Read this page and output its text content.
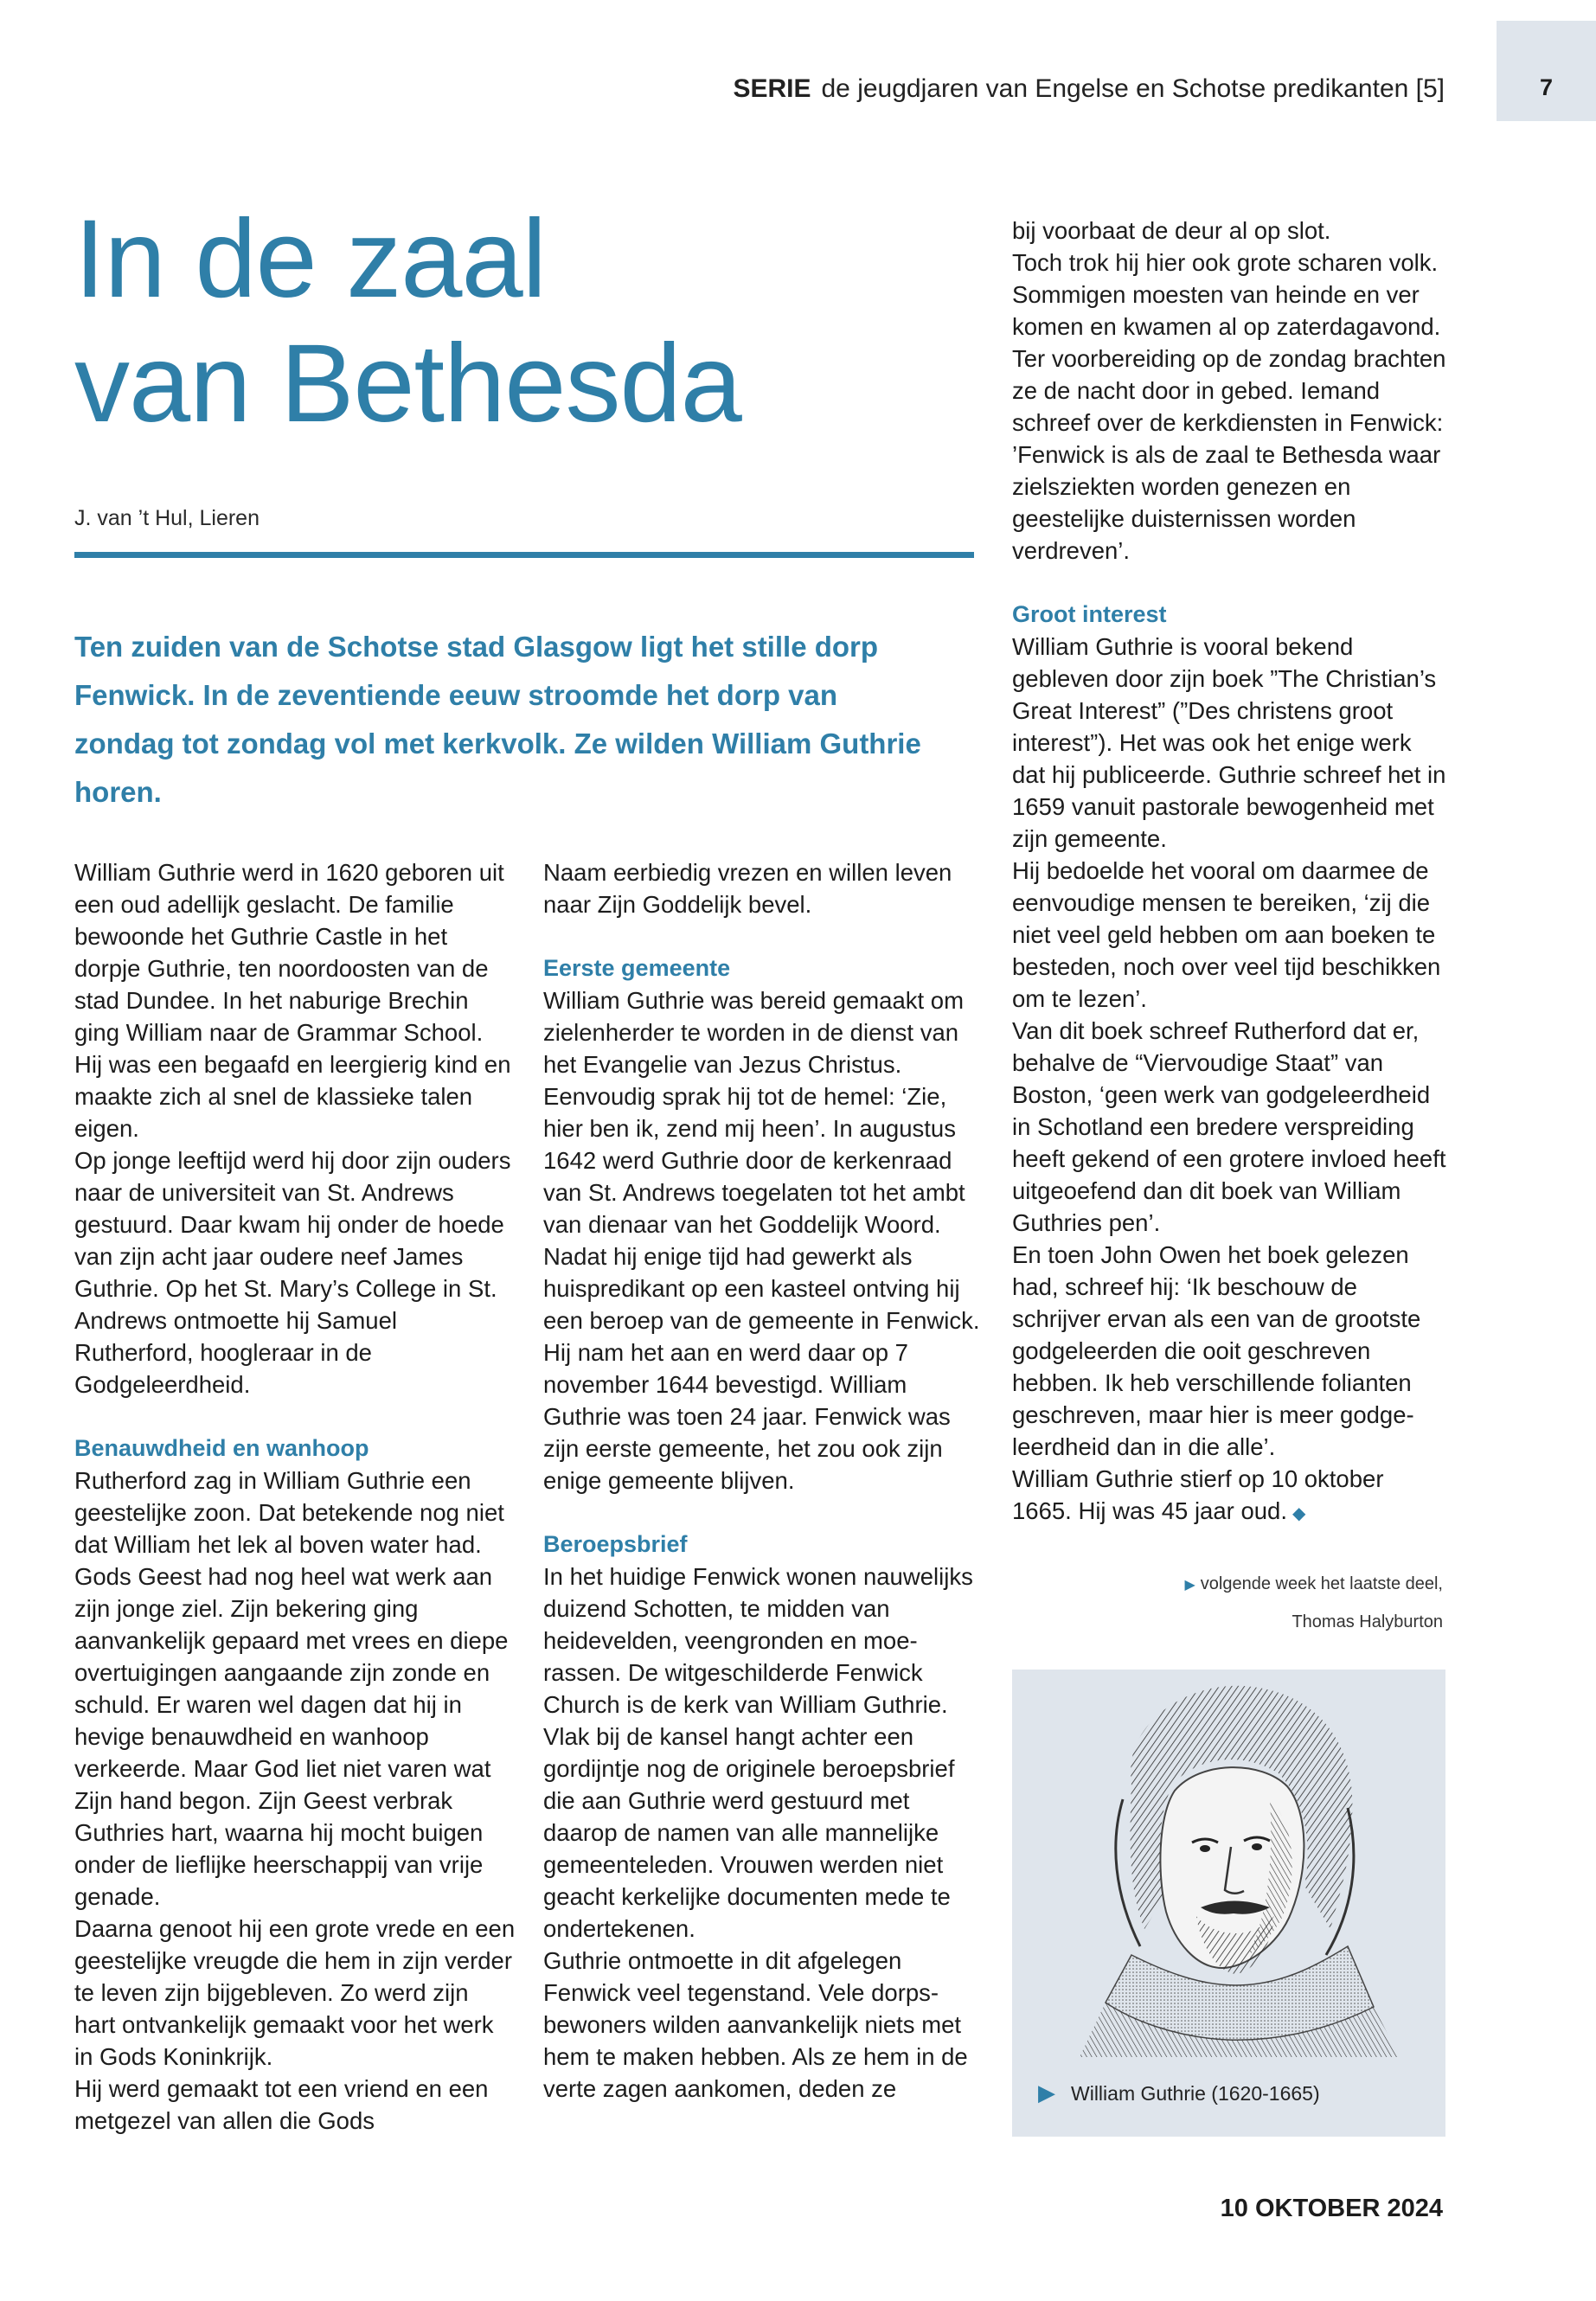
7
SERIE de jeugdjaren van Engelse en Schotse predikanten [5]
In de zaal
van Bethesda
J. van ’t Hul, Lieren
Ten zuiden van de Schotse stad Glasgow ligt het stille dorp Fenwick. In de zeventiende eeuw stroomde het dorp van zondag tot zondag vol met kerkvolk. Ze wilden William Guthrie horen.

William Guthrie werd in 1620 geboren uit een oud adellijk geslacht. De familie bewoonde het Guthrie Castle in het dorpje Guthrie, ten noordoosten van de stad Dundee. In het naburige Brechin ging William naar de Grammar School. Hij was een begaafd en leergierig kind en maakte zich al snel de klassieke talen eigen.

Op jonge leeftijd werd hij door zijn ouders naar de universiteit van St. Andrews gestuurd. Daar kwam hij onder de hoede van zijn acht jaar oudere neef James Guthrie. Op het St. Mary’s College in St. Andrews ontmoette hij Samuel Rutherford, hoogleraar in de Godgeleerdheid.

Benauwdheid en wanhoop

Rutherford zag in William Guthrie een geestelijke zoon. Dat betekende nog niet dat William het lek al boven water had. Gods Geest had nog heel wat werk aan zijn jonge ziel. Zijn bekering ging aanvankelijk gepaard met vrees en diepe overtuigingen aangaande zijn zonde en schuld. Er waren wel dagen dat hij in hevige benauwdheid en wanhoop verkeerde. Maar God liet niet varen wat Zijn hand begon. Zijn Geest verbrak Guthries hart, waarna hij mocht buigen onder de lieflijke heerschappij van vrije genade.

Daarna genoot hij een grote vrede en een geestelijke vreugde die hem in zijn verder te leven zijn bijgebleven. Zo werd zijn hart ontvankelijk gemaakt voor het werk in Gods Koninkrijk.

Hij werd gemaakt tot een vriend en een metgezel van allen die Gods

Naam eerbiedig vrezen en willen leven naar Zijn Goddelijk bevel.

Eerste gemeente

William Guthrie was bereid gemaakt om zielenherder te worden in de dienst van het Evangelie van Jezus Christus. Eenvoudig sprak hij tot de hemel: ‘Zie, hier ben ik, zend mij heen’. In augustus 1642 werd Guthrie door de kerkenraad van St. Andrews toegelaten tot het ambt van dienaar van het Goddelijk Woord. Nadat hij enige tijd had gewerkt als huispredikant op een kasteel ontving hij een beroep van de gemeente in Fenwick. Hij nam het aan en werd daar op 7 november 1644 bevestigd. William Guthrie was toen 24 jaar. Fenwick was zijn eerste gemeente, het zou ook zijn enige gemeente blijven.

Beroepsbrief

In het huidige Fenwick wonen nauwelijks duizend Schotten, te midden van heidevelden, veengronden en moerassen. De witgeschilderde Fenwick Church is de kerk van William Guthrie. Vlak bij de kansel hangt achter een gordijntje nog de originele beroepsbrief die aan Guthrie werd gestuurd met daarop de namen van alle mannelijke gemeenteleden. Vrouwen werden niet geacht kerkelijke documenten mede te ondertekenen.

Guthrie ontmoette in dit afgelegen Fenwick veel tegenstand. Vele dorpsbewoners wilden aanvankelijk niets met hem te maken hebben. Als ze hem in de verte zagen aankomen, deden ze

bij voorbaat de deur al op slot.

Toch trok hij hier ook grote scharen volk. Sommigen moesten van heinde en ver komen en kwamen al op zaterdagavond. Ter voorbereiding op de zondag brachten ze de nacht door in gebed. Iemand schreef over de kerkdiensten in Fenwick: ’Fenwick is als de zaal te Bethesda waar zielsziekten worden genezen en geestelijke duisternissen worden verdreven’.

Groot interest

William Guthrie is vooral bekend gebleven door zijn boek ”The Christian’s Great Interest” (”Des christens groot interest”). Het was ook het enige werk dat hij publiceerde. Guthrie schreef het in 1659 vanuit pastorale bewogenheid met zijn gemeente.

Hij bedoelde het vooral om daarmee de eenvoudige mensen te bereiken, ‘zij die niet veel geld hebben om aan boeken te besteden, noch over veel tijd beschikken om te lezen’.

Van dit boek schreef Rutherford dat er, behalve de “Viervoudige Staat” van Boston, ‘geen werk van godgeleerdheid in Schotland een bredere verspreiding heeft gekend of een grotere invloed heeft uitgeoefend dan dit boek van William Guthries pen’.

En toen John Owen het boek gelezen had, schreef hij: ‘Ik beschouw de schrijver ervan als een van de grootste godgeleerden die ooit geschreven hebben. Ik heb verschillende folianten geschreven, maar hier is meer godgeleerdheid dan in die alle’.

William Guthrie stierf op 10 oktober 1665. Hij was 45 jaar oud. ◆

▶ volgende week het laatste deel,
Thomas Halyburton
▶ William Guthrie (1620-1665)
10 OKTOBER 2024
